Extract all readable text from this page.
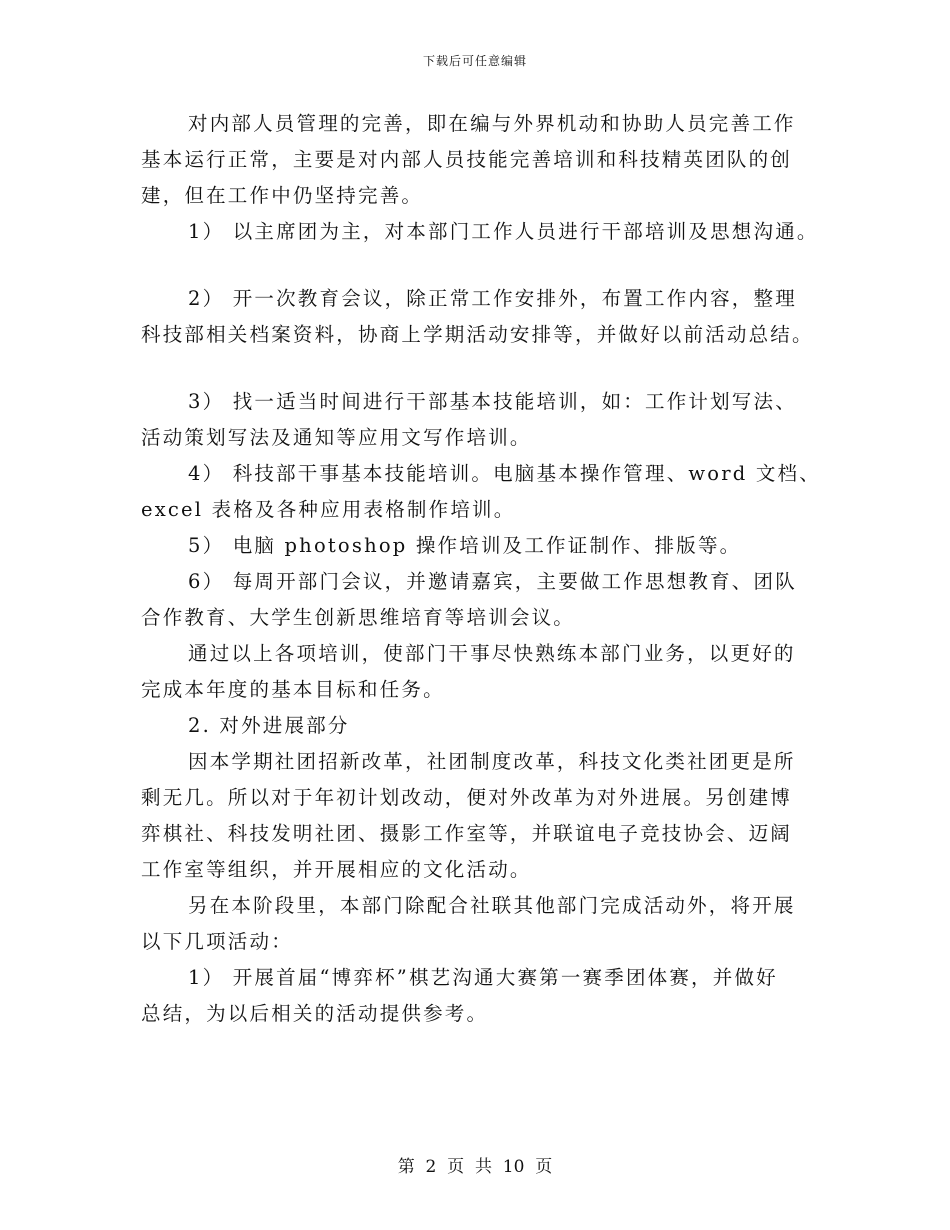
下载后可任意编辑
对内部人员管理的完善，即在编与外界机动和协助人员完善工作
基本运行正常，主要是对内部人员技能完善培训和科技精英团队的创
建，但在工作中仍坚持完善。
1） 以主席团为主，对本部门工作人员进行干部培训及思想沟通。
2） 开一次教育会议，除正常工作安排外，布置工作内容，整理
科技部相关档案资料，协商上学期活动安排等，并做好以前活动总结。
3） 找一适当时间进行干部基本技能培训，如：工作计划写法、
活动策划写法及通知等应用文写作培训。
4） 科技部干事基本技能培训。电脑基本操作管理、word 文档、
excel 表格及各种应用表格制作培训。
5） 电脑 photoshop 操作培训及工作证制作、排版等。
6） 每周开部门会议，并邀请嘉宾，主要做工作思想教育、团队
合作教育、大学生创新思维培育等培训会议。
通过以上各项培训，使部门干事尽快熟练本部门业务，以更好的
完成本年度的基本目标和任务。
2. 对外进展部分
因本学期社团招新改革，社团制度改革，科技文化类社团更是所
剩无几。所以对于年初计划改动，便对外改革为对外进展。另创建博
弈棋社、科技发明社团、摄影工作室等，并联谊电子竞技协会、迈阔
工作室等组织，并开展相应的文化活动。
另在本阶段里，本部门除配合社联其他部门完成活动外，将开展
以下几项活动：
1） 开展首届“博弈杯”棋艺沟通大赛第一赛季团体赛，并做好
总结，为以后相关的活动提供参考。
第  2  页  共  10  页
